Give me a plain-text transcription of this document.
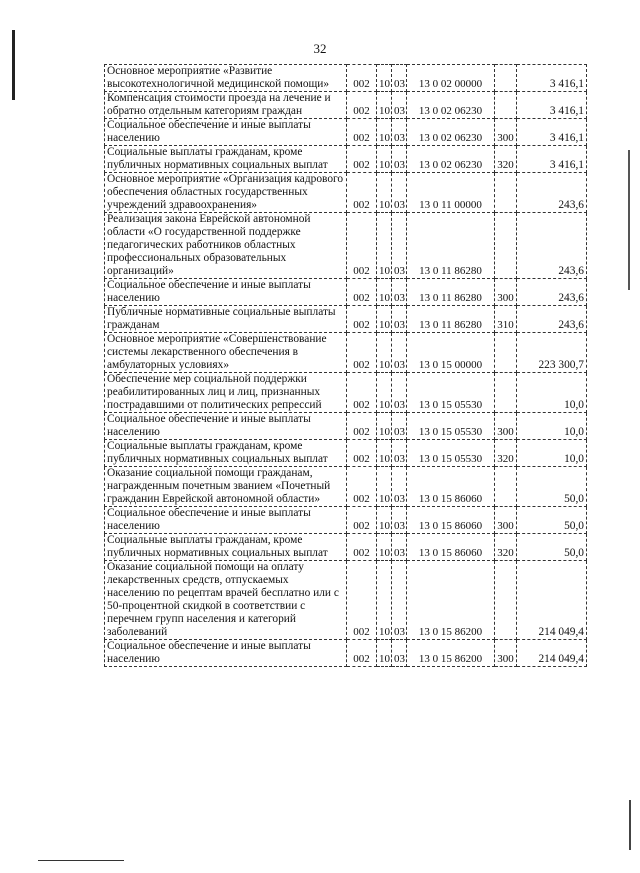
32
Основное мероприятие «Развитие высокотехнологичной медицинской помощи»	002	10	03	13 0 02 00000		3 416,1
Компенсация стоимости проезда на лечение и обратно отдельным категориям граждан	002	10	03	13 0 02 06230		3 416,1
Социальное обеспечение и иные выплаты населению	002	10	03	13 0 02 06230	300	3 416,1
Социальные выплаты гражданам, кроме публичных нормативных социальных выплат	002	10	03	13 0 02 06230	320	3 416,1
Основное мероприятие «Организация кадрового обеспечения областных государственных учреждений здравоохранения»	002	10	03	13 0 11 00000		243,6
Реализация закона Еврейской автономной области «О государственной поддержке педагогических работников областных профессиональных образовательных организаций»	002	10	03	13 0 11 86280		243,6
Социальное обеспечение и иные выплаты населению	002	10	03	13 0 11 86280	300	243,6
Публичные нормативные социальные выплаты гражданам	002	10	03	13 0 11 86280	310	243,6
Основное мероприятие «Совершенствование системы лекарственного обеспечения в амбулаторных условиях»	002	10	03	13 0 15 00000		223 300,7
Обеспечение мер социальной поддержки реабилитированных лиц и лиц, признанных пострадавшими от политических репрессий	002	10	03	13 0 15 05530		10,0
Социальное обеспечение и иные выплаты населению	002	10	03	13 0 15 05530	300	10,0
Социальные выплаты гражданам, кроме публичных нормативных социальных выплат	002	10	03	13 0 15 05530	320	10,0
Оказание социальной помощи гражданам, награжденным почетным званием «Почетный гражданин Еврейской автономной области»	002	10	03	13 0 15 86060		50,0
Социальное обеспечение и иные выплаты населению	002	10	03	13 0 15 86060	300	50,0
Социальные выплаты гражданам, кроме публичных нормативных социальных выплат	002	10	03	13 0 15 86060	320	50,0
Оказание социальной помощи на оплату лекарственных средств, отпускаемых населению по рецептам врачей бесплатно или с 50-процентной скидкой в соответствии с перечнем групп населения и категорий заболеваний	002	10	03	13 0 15 86200		214 049,4
Социальное обеспечение и иные выплаты населению	002	10	03	13 0 15 86200	300	214 049,4
